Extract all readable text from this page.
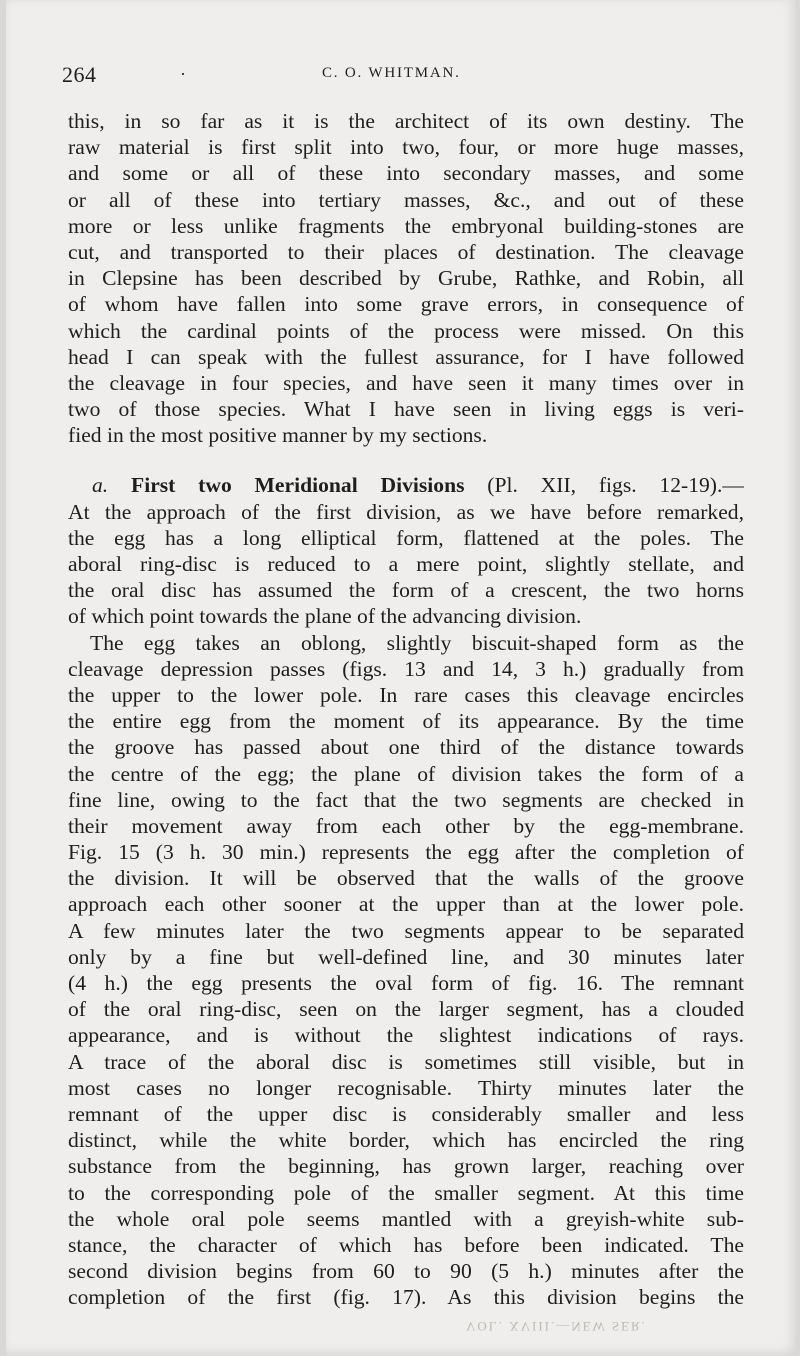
264	·	C. O. WHITMAN.
this, in so far as it is the architect of its own destiny. The
raw material is first split into two, four, or more huge masses,
and some or all of these into secondary masses, and some
or all of these into tertiary masses, &c., and out of these
more or less unlike fragments the embryonal building-stones are
cut, and transported to their places of destination. The cleavage
in Clepsine has been described by Grube, Rathke, and Robin, all
of whom have fallen into some grave errors, in consequence of
which the cardinal points of the process were missed. On this
head I can speak with the fullest assurance, for I have followed
the cleavage in four species, and have seen it many times over in
two of those species. What I have seen in living eggs is veri-
fied in the most positive manner by my sections.
a. First two Meridional Divisions (Pl. XII, figs. 12-19).—
At the approach of the first division, as we have before remarked,
the egg has a long elliptical form, flattened at the poles. The
aboral ring-disc is reduced to a mere point, slightly stellate, and
the oral disc has assumed the form of a crescent, the two horns
of which point towards the plane of the advancing division.
The egg takes an oblong, slightly biscuit-shaped form as the
cleavage depression passes (figs. 13 and 14, 3 h.) gradually from
the upper to the lower pole. In rare cases this cleavage encircles
the entire egg from the moment of its appearance. By the time
the groove has passed about one third of the distance towards
the centre of the egg; the plane of division takes the form of a
fine line, owing to the fact that the two segments are checked in
their movement away from each other by the egg-membrane.
Fig. 15 (3 h. 30 min.) represents the egg after the completion of
the division. It will be observed that the walls of the groove
approach each other sooner at the upper than at the lower pole.
A few minutes later the two segments appear to be separated
only by a fine but well-defined line, and 30 minutes later
(4 h.) the egg presents the oval form of fig. 16. The remnant
of the oral ring-disc, seen on the larger segment, has a clouded
appearance, and is without the slightest indications of rays.
A trace of the aboral disc is sometimes still visible, but in
most cases no longer recognisable. Thirty minutes later the
remnant of the upper disc is considerably smaller and less
distinct, while the white border, which has encircled the ring
substance from the beginning, has grown larger, reaching over
to the corresponding pole of the smaller segment. At this time
the whole oral pole seems mantled with a greyish-white sub-
stance, the character of which has before been indicated. The
second division begins from 60 to 90 (5 h.) minutes after the
completion of the first (fig. 17). As this division begins the
VOL. XVIII.—NEW SER.
